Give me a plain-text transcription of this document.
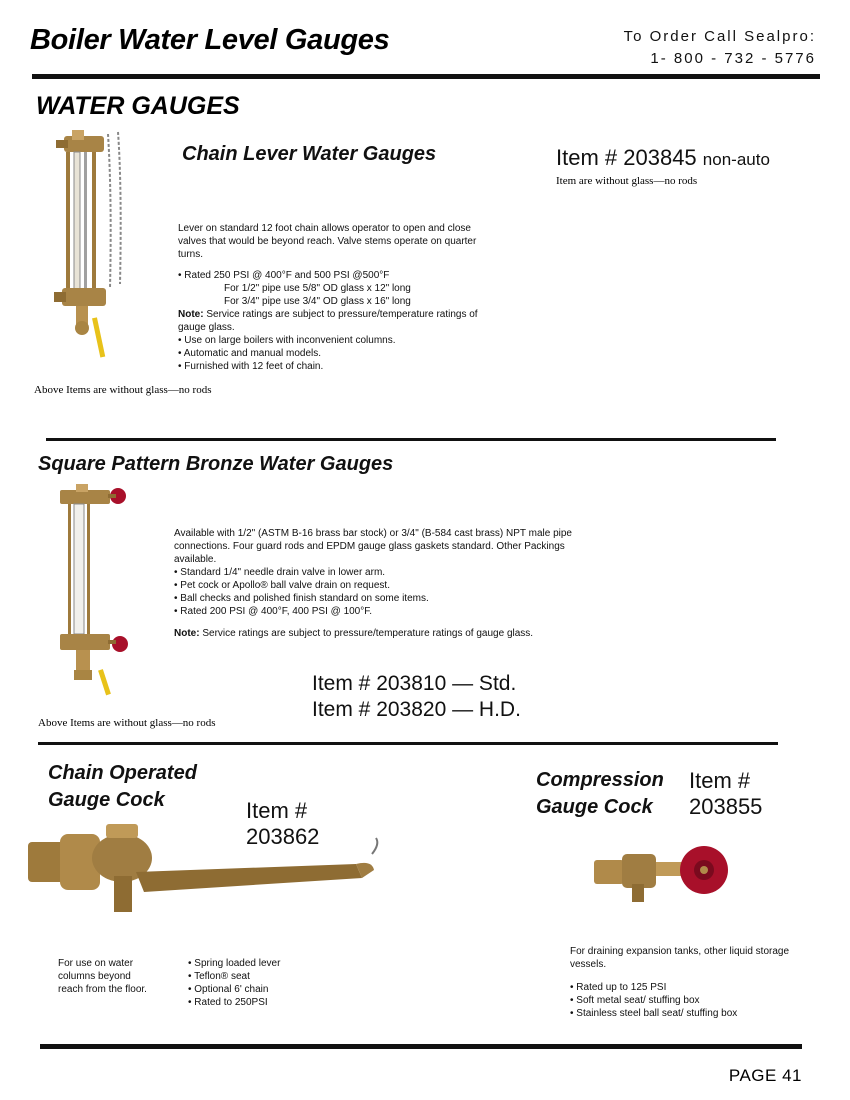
Boiler Water Level Gauges	To Order Call Sealpro:
1- 800 - 732 - 5776
WATER GAUGES
Chain Lever Water Gauges	Item # 203845 non-auto
Item are without glass—no rods
Lever on standard 12 foot chain allows operator to open and close valves that would be beyond reach. Valve stems operate on quarter turns.
• Rated 250 PSI @ 400°F and 500 PSI @500°F
For 1/2" pipe use 5/8" OD glass x 12" long
For 3/4" pipe use 3/4" OD glass x 16" long
Note: Service ratings are subject to pressure/temperature ratings of gauge glass.
• Use on large boilers with inconvenient columns.
• Automatic and manual models.
• Furnished with 12 feet of chain.
Above Items are without glass—no rods
Square Pattern Bronze Water Gauges
Available with 1/2" (ASTM B-16 brass bar stock) or 3/4" (B-584 cast brass) NPT male pipe connections. Four guard rods and EPDM gauge glass gaskets standard. Other Packings available.
• Standard 1/4" needle drain valve in lower arm.
• Pet cock or Apollo® ball valve drain on request.
• Ball checks and polished finish standard on some items.
• Rated 200 PSI @ 400°F, 400 PSI @ 100°F.
Note: Service ratings are subject to pressure/temperature ratings of gauge glass.
Item # 203810 — Std.
Item # 203820 — H.D.
Above Items are without glass—no rods
Chain Operated
Gauge Cock	Item #
203862
For use on water
columns beyond
reach from the floor.
• Spring loaded lever
• Teflon® seat
• Optional 6' chain
• Rated to 250PSI
Compression
Gauge Cock
Item #
203855
For draining expansion tanks, other liquid storage vessels.
• Rated up to 125 PSI
• Soft metal seat/ stuffing box
• Stainless steel ball seat/ stuffing box
PAGE 41
